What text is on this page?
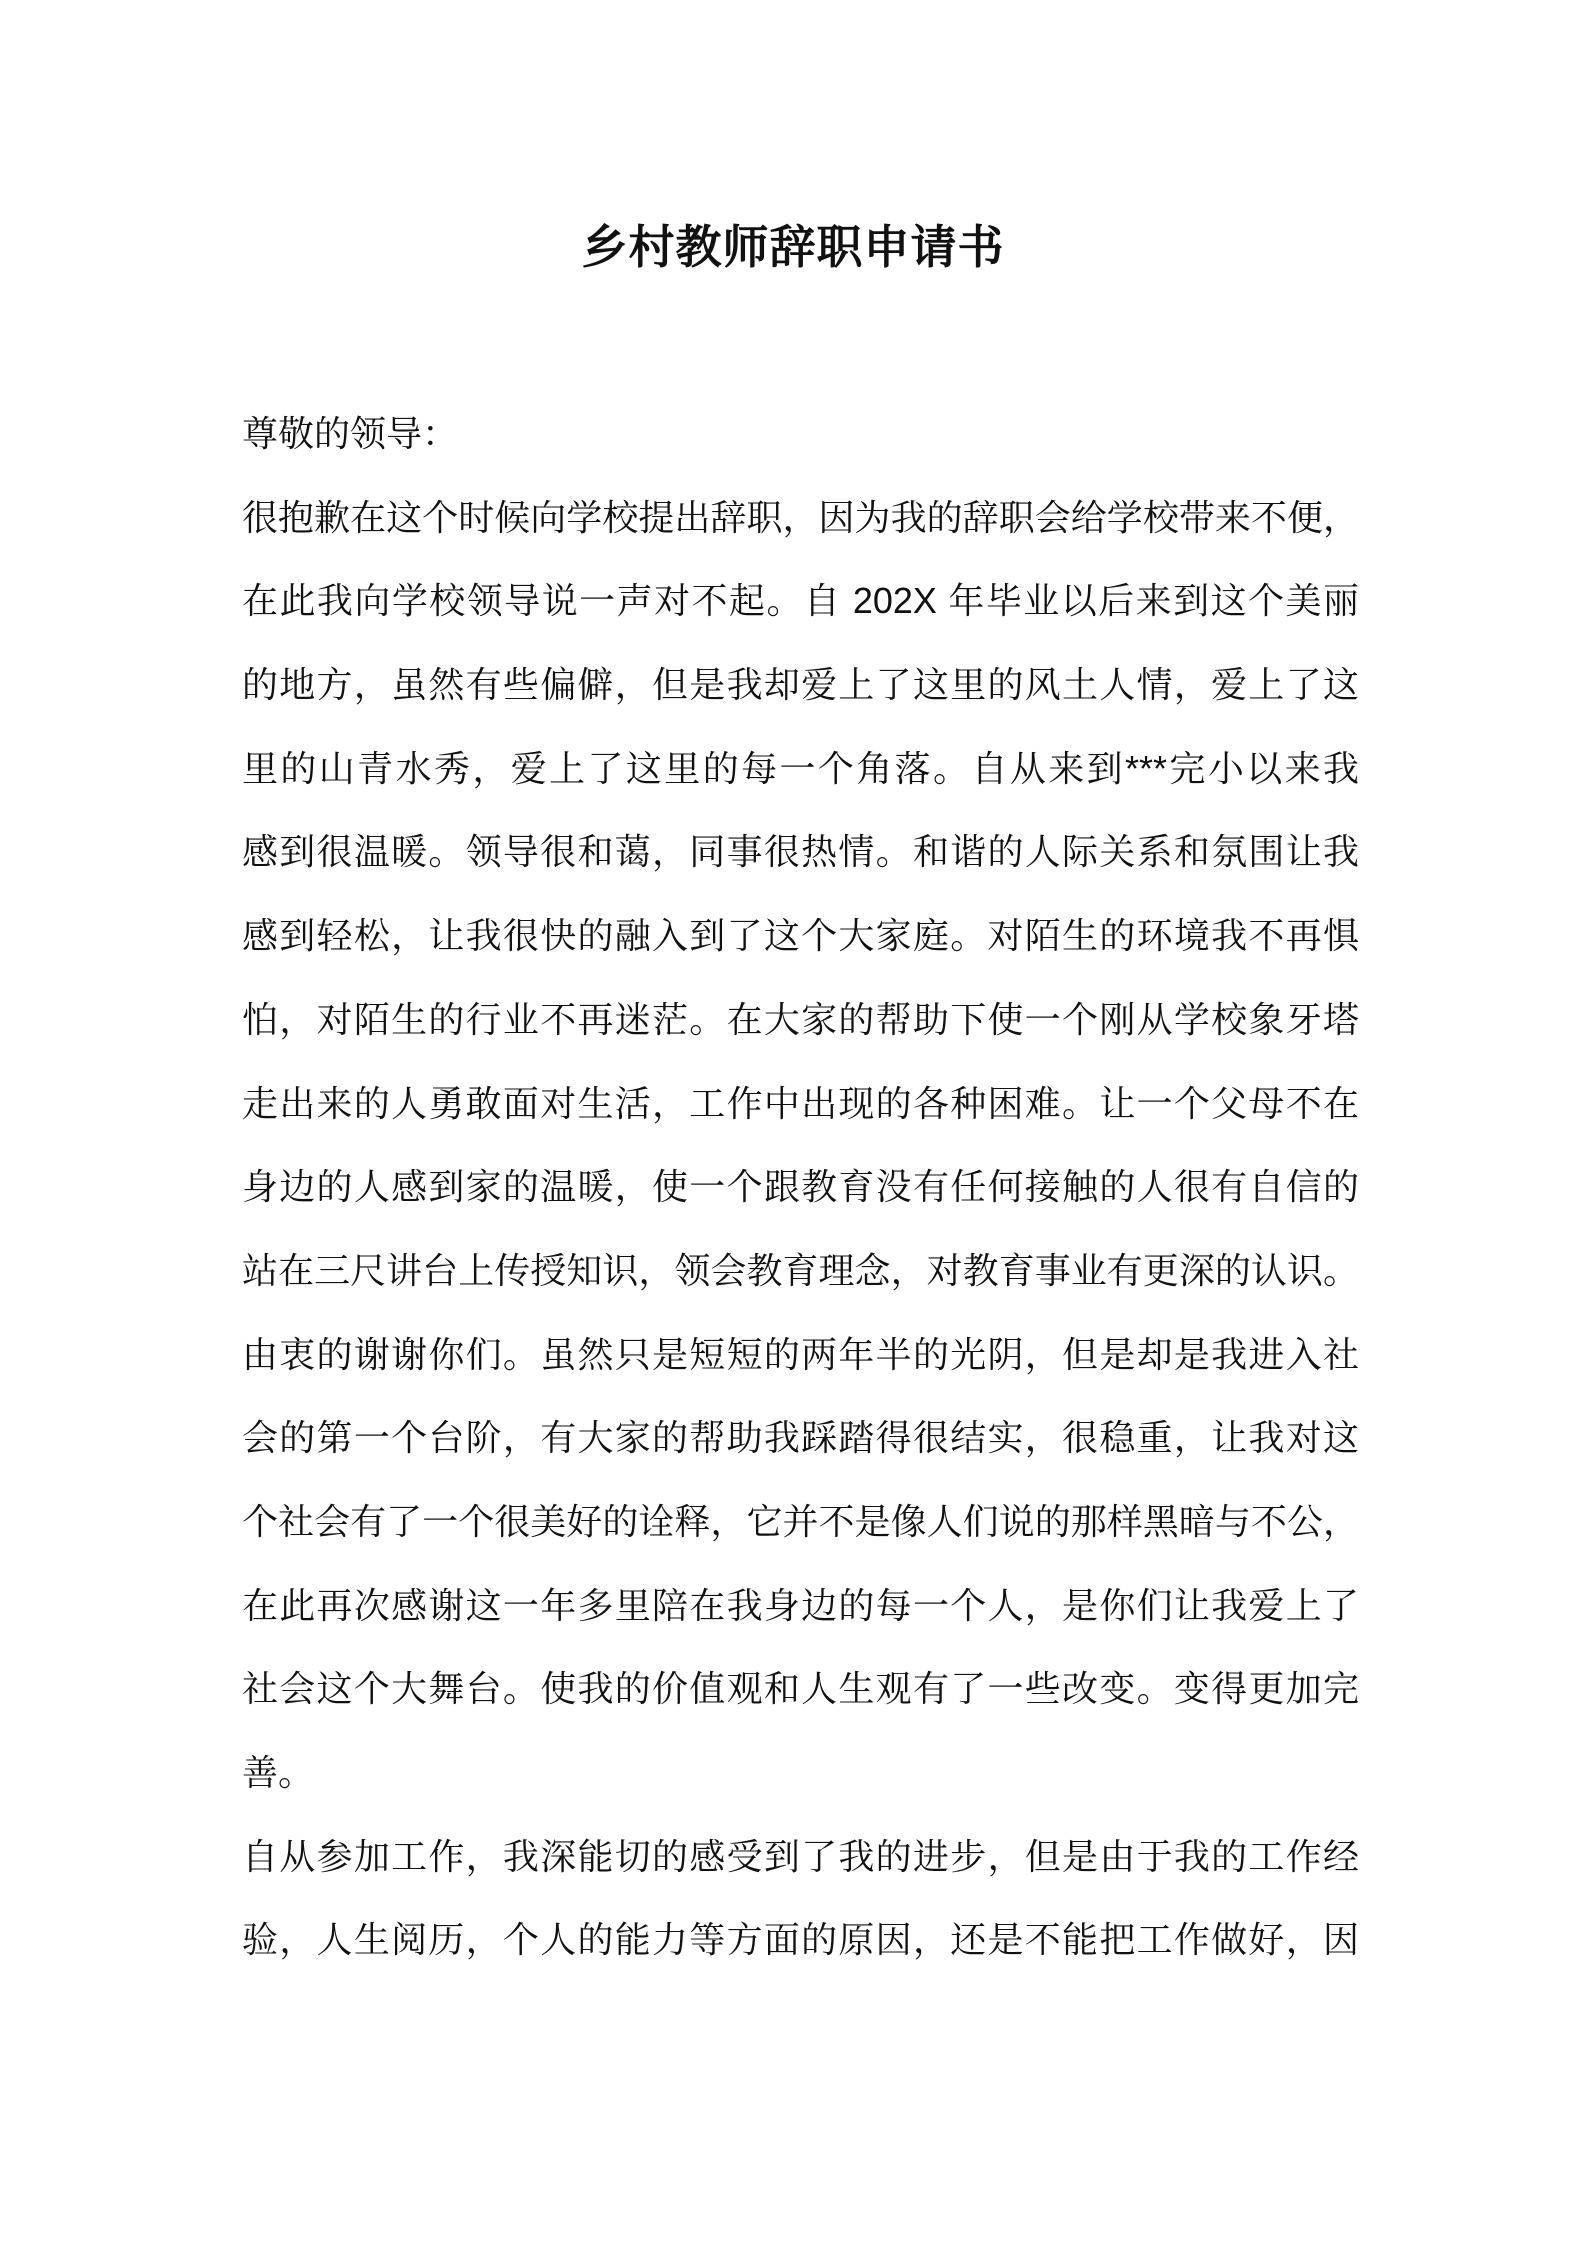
乡村教师辞职申请书
尊敬的领导：
很抱歉在这个时候向学校提出辞职，因为我的辞职会给学校带来不便，
在此我向学校领导说一声对不起。自 202X 年毕业以后来到这个美丽
的地方，虽然有些偏僻，但是我却爱上了这里的风土人情，爱上了这
里的山青水秀，爱上了这里的每一个角落。自从来到***完小以来我
感到很温暖。领导很和蔼，同事很热情。和谐的人际关系和氛围让我
感到轻松，让我很快的融入到了这个大家庭。对陌生的环境我不再惧
怕，对陌生的行业不再迷茫。在大家的帮助下使一个刚从学校象牙塔
走出来的人勇敢面对生活，工作中出现的各种困难。让一个父母不在
身边的人感到家的温暖，使一个跟教育没有任何接触的人很有自信的
站在三尺讲台上传授知识，领会教育理念，对教育事业有更深的认识。
由衷的谢谢你们。虽然只是短短的两年半的光阴，但是却是我进入社
会的第一个台阶，有大家的帮助我踩踏得很结实，很稳重，让我对这
个社会有了一个很美好的诠释，它并不是像人们说的那样黑暗与不公，
在此再次感谢这一年多里陪在我身边的每一个人，是你们让我爱上了
社会这个大舞台。使我的价值观和人生观有了一些改变。变得更加完
善。
自从参加工作，我深能切的感受到了我的进步，但是由于我的工作经
验，人生阅历，个人的能力等方面的原因，还是不能把工作做好，因
